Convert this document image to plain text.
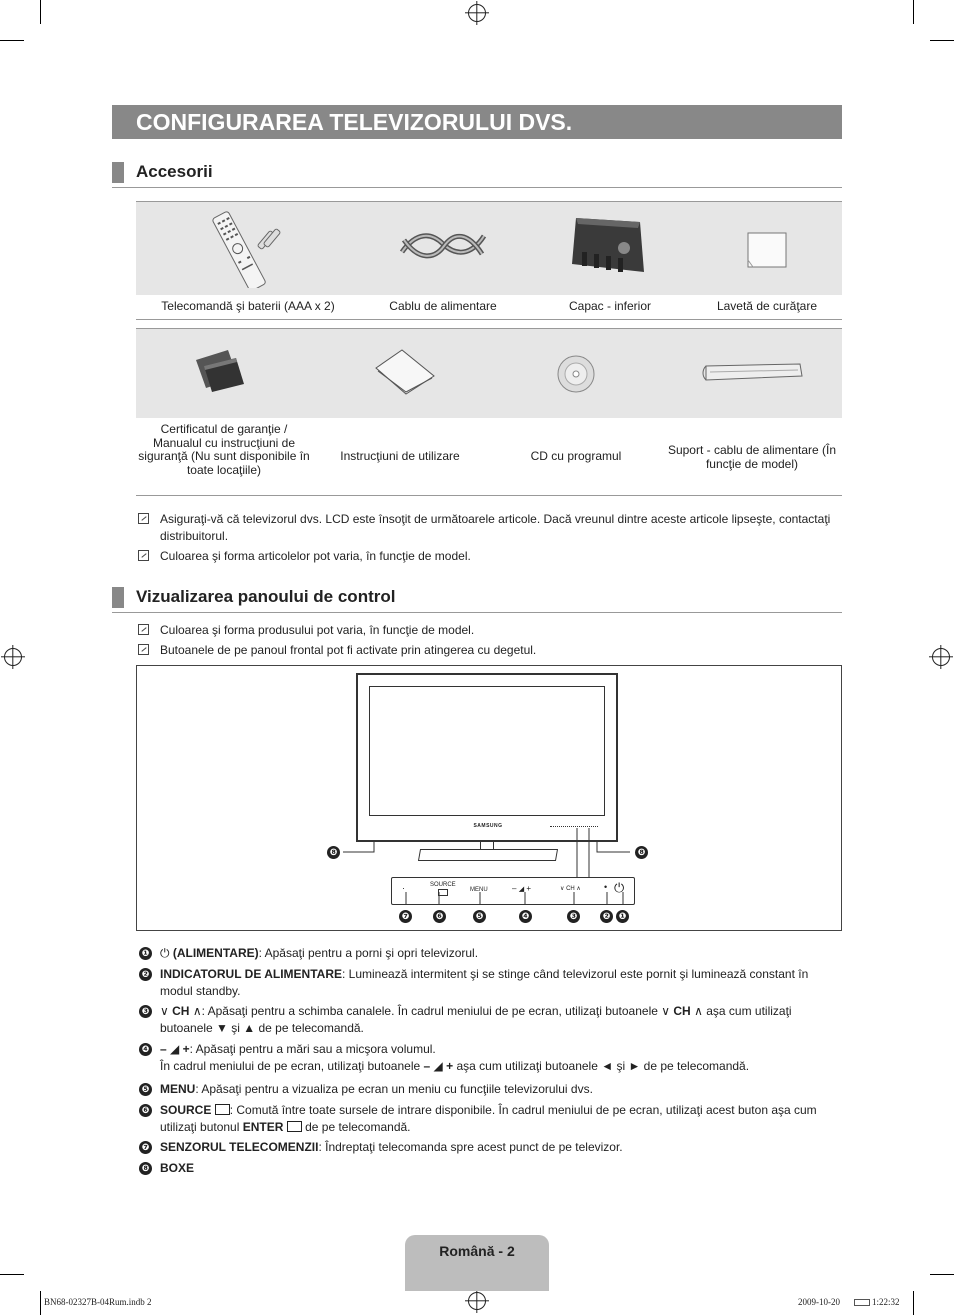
CONFIGURAREA TELEVIZORULUI DVS.
Accesorii
Telecomandă şi baterii (AAA x 2)	Cablu de alimentare	Capac - inferior	Lavetă de curăţare
Certificatul de garanţie / Manualul cu instrucţiuni de siguranţă (Nu sunt disponibile în toate locaţiile)
Instrucţiuni de utilizare	CD cu programul	Suport - cablu de alimentare (În funcţie de model)
Asiguraţi-vă că televizorul dvs. LCD este însoţit de următoarele articole. Dacă vreunul dintre aceste articole lipseşte, contactaţi distribuitorul.
Culoarea şi forma articolelor pot varia, în funcţie de model.
Vizualizarea panoului de control
Culoarea şi forma produsului pot varia, în funcţie de model.
Butoanele de pe panoul frontal pot fi activate prin atingerea cu degetul.
SAMSUNG
❽	❽
·	SOURCE
MENU	– ◢ +	∨ CH ∧	• ⏻
❼	❻	❺	❹	❸	❷ ❶
❶ ⏻ (ALIMENTARE): Apăsaţi pentru a porni şi opri televizorul.
❷ INDICATORUL DE ALIMENTARE: Luminează intermitent şi se stinge când televizorul este pornit şi luminează constant în modul standby.
❸ ∨ CH ∧: Apăsaţi pentru a schimba canalele. În cadrul meniului de pe ecran, utilizaţi butoanele ∨ CH ∧ aşa cum utilizaţi butoanele ▼ şi ▲ de pe telecomandă.
❹ – ◢ +: Apăsaţi pentru a mări sau a micşora volumul.
În cadrul meniului de pe ecran, utilizaţi butoanele – ◢ + aşa cum utilizaţi butoanele ◄ şi ► de pe telecomandă.
❺ MENU: Apăsaţi pentru a vizualiza pe ecran un meniu cu funcţiile televizorului dvs.
❻ SOURCE : Comută între toate sursele de intrare disponibile. În cadrul meniului de pe ecran, utilizaţi acest buton aşa cum utilizaţi butonul ENTER de pe telecomandă.
❼ SENZORUL TELECOMENZII: Îndreptaţi telecomanda spre acest punct de pe televizor.
❽ BOXE
Română - 2
BN68-02327B-04Rum.indb 2	2009-10-20	1:22:32
